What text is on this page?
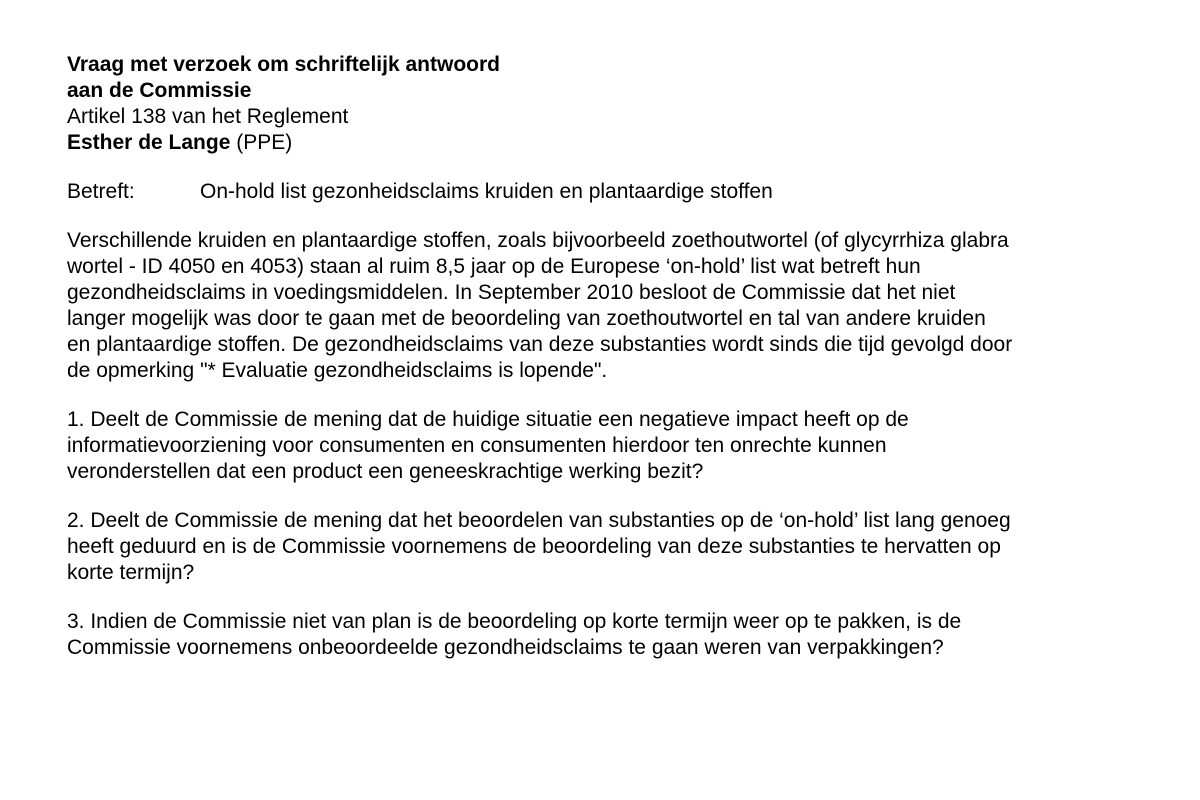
Vraag met verzoek om schriftelijk antwoord
aan de Commissie
Artikel 138 van het Reglement
Esther de Lange (PPE)
Betreft:	On-hold list gezonheidsclaims kruiden en plantaardige stoffen
Verschillende kruiden en plantaardige stoffen, zoals bijvoorbeeld zoethoutwortel (of glycyrrhiza glabra
wortel - ID 4050 en 4053) staan al ruim 8,5 jaar op de Europese ‘on-hold’ list wat betreft hun
gezondheidsclaims in voedingsmiddelen. In September 2010 besloot de Commissie dat het niet
langer mogelijk was door te gaan met de beoordeling van zoethoutwortel en tal van andere kruiden
en plantaardige stoffen. De gezondheidsclaims van deze substanties wordt sinds die tijd gevolgd door
de opmerking "* Evaluatie gezondheidsclaims is lopende".
1. Deelt de Commissie de mening dat de huidige situatie een negatieve impact heeft op de
informatievoorziening voor consumenten en consumenten hierdoor ten onrechte kunnen
veronderstellen dat een product een geneeskrachtige werking bezit?
2. Deelt de Commissie de mening dat het beoordelen van substanties op de ‘on-hold’ list lang genoeg
heeft geduurd en is de Commissie voornemens de beoordeling van deze substanties te hervatten op
korte termijn?
3. Indien de Commissie niet van plan is de beoordeling op korte termijn weer op te pakken, is de
Commissie voornemens onbeoordeelde gezondheidsclaims te gaan weren van verpakkingen?
